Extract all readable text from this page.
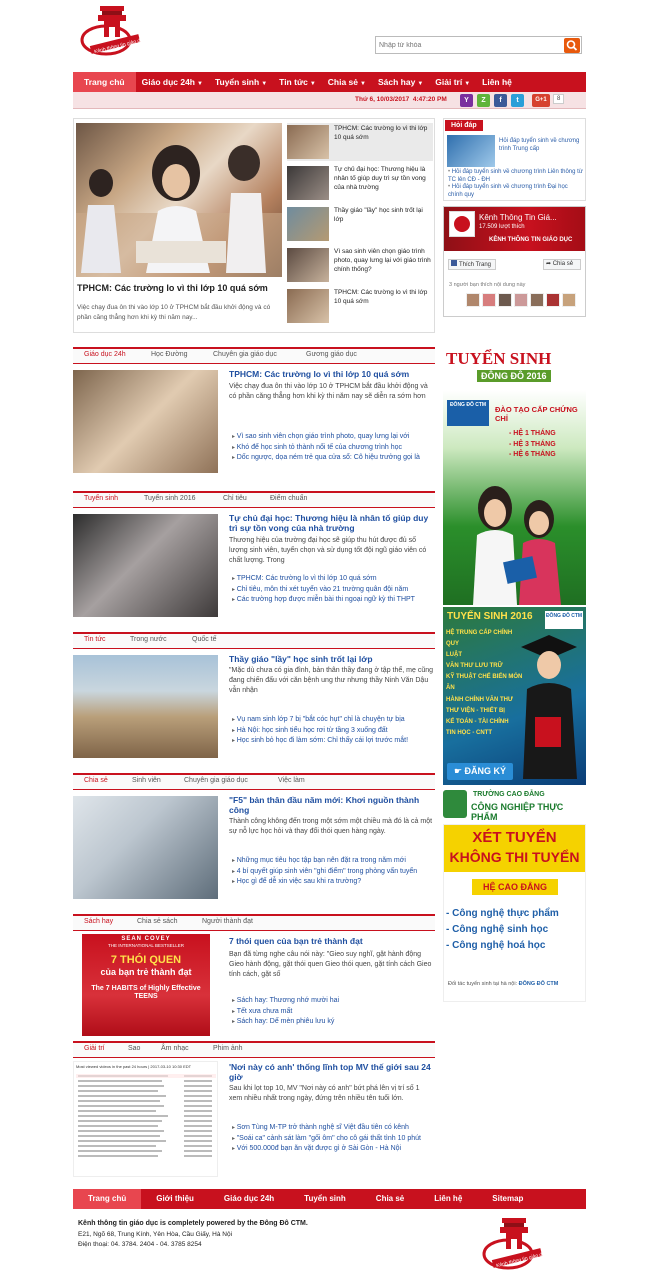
Kênh thông tin giáo dục
Nhập từ khóa
Trang chủ	Giáo dục 24h ▼	Tuyển sinh ▼	Tin tức ▼	Chia sẻ ▼	Sách hay ▼	Giải trí ▼	Liên hệ
Thứ 6, 10/03/2017 4:47:20 PM	Y	Z	f	t	G+1	8
TPHCM: Các trường lo vì thi lớp 10 quá sớm
Việc chạy đua ôn thi vào lớp 10 ở TPHCM bắt đầu khởi động và có phần căng thẳng hơn khi kỳ thi năm nay...
TPHCM: Các trường lo vì thi lớp 10 quá sớm
Tự chủ đại học: Thương hiệu là nhân tố giúp duy trì sự tồn vong của nhà trường
Thầy giáo "lầy" học sinh trốt lại lớp
Vì sao sinh viên chọn giáo trình photo, quay lưng lại với giáo trình chính thống?
TPHCM: Các trường lo vì thi lớp 10 quá sớm
Hỏi đáp
Hỏi đáp tuyển sinh về chương trình Trung cấp
• Hỏi đáp tuyển sinh về chương trình Liên thông từ TC lên CĐ - ĐH
• Hỏi đáp tuyển sinh về chương trình Đại học chính quy
Kênh Thông Tin Giá...
17.509 lượt thích
KÊNH THÔNG TIN GIÁO DỤC
Thích Trang	➦ Chia sẻ
3 người bạn thích nội dung này
TUYỂN SINH
ĐÔNG ĐÔ 2016
ĐÔNG ĐÔ CTM	ĐÀO TẠO CẤP CHỨNG CHỈ
- HỆ 1 THÁNG
- HỆ 3 THÁNG
- HỆ 6 THÁNG
TUYỂN SINH 2016	ĐÔNG ĐÔ CTM
HỆ TRUNG CẤP CHÍNH QUY
LUẬT
VĂN THƯ LƯU TRỮ
KỸ THUẬT CHẾ BIẾN MÓN ĂN
HÀNH CHÍNH VĂN THƯ
THƯ VIỆN - THIẾT BỊ
KẾ TOÁN - TÀI CHÍNH
TIN HỌC - CNTT
☛ ĐĂNG KÝ
TRƯỜNG CAO ĐẲNG
CÔNG NGHIỆP THỰC PHẨM
XÉT TUYỂN
KHÔNG THI TUYỂN
HỆ CAO ĐẲNG
- Công nghệ thực phẩm
- Công nghệ sinh học
- Công nghệ hoá học
Đối tác tuyển sinh tại hà nội: ĐÔNG ĐÔ CTM
Giáo dục 24h	Học Đường	Chuyên gia giáo dục	Gương giáo dục
TPHCM: Các trường lo vì thi lớp 10 quá sớm
Việc chạy đua ôn thi vào lớp 10 ở TPHCM bắt đầu khởi động và có phần căng thẳng hơn khi kỳ thi năm nay sẽ diễn ra sớm hơn
▸ Vì sao sinh viên chọn giáo trình photo, quay lưng lại với
▸ Khó để học sinh tỏ thành nổi tế của chương trình học
▸ Dốc ngược, dọa ném trẻ qua cửa sổ: Cô hiệu trưởng gọi là
Tuyển sinh	Tuyển sinh 2016	Chỉ tiêu	Điểm chuẩn
Tự chủ đại học: Thương hiệu là nhân tố giúp duy trì sự tồn vong của nhà trường
Thương hiệu của trường đại học sẽ giúp thu hút được đủ số lượng sinh viên, tuyển chọn và sử dụng tốt đội ngũ giáo viên có chất lượng. Trong
▸ TPHCM: Các trường lo vì thi lớp 10 quá sớm
▸ Chỉ tiêu, môn thi xét tuyển vào 21 trường quân đội năm
▸ Các trường hợp được miễn bài thi ngoại ngữ kỳ thi THPT
Tin tức	Trong nước	Quốc tế
Thầy giáo "lầy" học sinh trốt lại lớp
"Mặc dù chưa có gia đình, bản thân thầy đang ở tập thể, mẹ cũng đang chiến đấu với căn bệnh ung thư nhưng thầy Ninh Văn Dậu vẫn nhận
▸ Vụ nam sinh lớp 7 bị "bắt cóc hụt" chỉ là chuyện tự bịa
▸ Hà Nội: học sinh tiểu học rơi từ tầng 3 xuống đất
▸ Học sinh bỏ học đi làm sớm: Chỉ thấy cái lợi trước mắt!
Chia sẻ	Sinh viên	Chuyên gia giáo dục	Việc làm
"F5" bản thân đầu năm mới: Khơi nguồn thành công
Thành công không đến trong một sớm một chiều mà đó là cả một sự nỗ lực học hỏi và thay đổi thói quen hàng ngày.
▸ Những mục tiêu học tập bạn nên đặt ra trong năm mới
▸ 4 bí quyết giúp sinh viên "ghi điểm" trong phỏng vấn tuyển
▸ Học gì để dễ xin việc sau khi ra trường?
Sách hay	Chia sẻ sách	Người thành đạt
SEAN COVEY
THE INTERNATIONAL BESTSELLER
7 THÓI QUEN
của bạn trẻ thành đạt
The 7 HABITS of Highly Effective TEENS
7 thói quen của bạn trẻ thành đạt
Bạn đã từng nghe câu nói này: "Gieo suy nghĩ, gặt hành động Gieo hành động, gặt thói quen Gieo thói quen, gặt tính cách Gieo tính cách, gặt số
▸ Sách hay: Thương nhớ mười hai
▸ Tết xưa chưa mất
▸ Sách hay: Dế mèn phiêu lưu ký
Giải trí	Sao	Âm nhạc	Phim ảnh
Most viewed videos in the past 24 hours | 2017-03-10 10:30 EDT	'Nơi này có anh' thống lĩnh top MV thế giới sau 24 giờ
Sau khi lọt top 10, MV "Nơi này có anh" bứt phá lên vị trí số 1 xem nhiều nhất trong ngày, đứng trên nhiều tên tuổi lớn.
▸ Sơn Tùng M-TP trở thành nghệ sĩ Việt đầu tiên có kênh
▸ "Soái ca" cảnh sát làm "gối ôm" cho cô gái thất tình 10 phút
▸ Với 500.000đ bạn ăn vặt được gì ở Sài Gòn - Hà Nội
Trang chủ	Giới thiệu	Giáo dục 24h	Tuyển sinh	Chia sẻ	Liên hệ	Sitemap
Kênh thông tin giáo dục is completely powered by the Đông Đô CTM.
E21, Ngõ 68, Trung Kính, Yên Hòa, Cầu Giấy, Hà Nội
Điện thoại: 04. 3784. 2404 - 04. 3785 8254
Kênh thông tin giáo dục
